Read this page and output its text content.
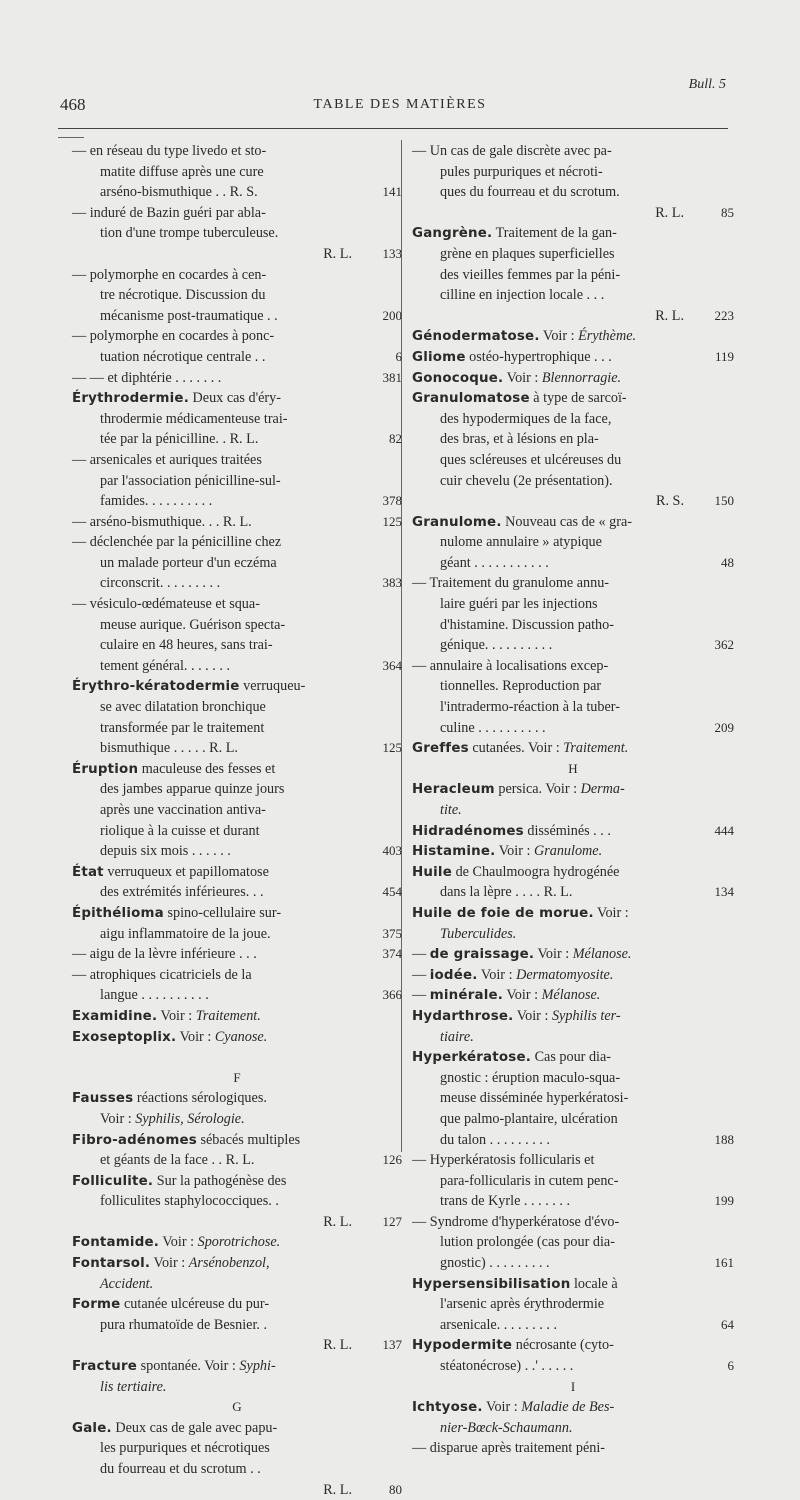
468	TABLE DES MATIÈRES
Bull. 5
— en réseau du type livedo et sto-
matite diffuse après une cure
arséno-bismuthique . . R. S.	141
— induré de Bazin guéri par abla-
tion d'une trompe tuberculeuse.
R. L. 133
— polymorphe en cocardes à cen-
tre nécrotique. Discussion du
mécanisme post-traumatique . .	200
— polymorphe en cocardes à ponc-
tuation nécrotique centrale . .	6
— — et diphtérie . . . . . . .	381
Érythrodermie. Deux cas d'éry-
throdermie médicamenteuse trai-
tée par la pénicilline. . R. L.	82
— arsenicales et auriques traitées
par l'association pénicilline-sul-
famides. . . . . . . . . .	378
— arséno-bismuthique. . . R. L.	125
— déclenchée par la pénicilline chez
un malade porteur d'un eczéma
circonscrit. . . . . . . . .	383
— vésiculo-œdémateuse et squa-
meuse aurique. Guérison specta-
culaire en 48 heures, sans trai-
tement général. . . . . . .	364
Érythro-kératodermie verruqueu-
se avec dilatation bronchique
transformée par le traitement
bismuthique . . . . . R. L.	125
Éruption maculeuse des fesses et
des jambes apparue quinze jours
après une vaccination antiva-
riolique à la cuisse et durant
depuis six mois . . . . . .	403
État verruqueux et papillomatose
des extrémités inférieures. . .	454
Épithélioma spino-cellulaire sur-
aigu inflammatoire de la joue.	375
— aigu de la lèvre inférieure . . .	374
— atrophiques cicatriciels de la
langue . . . . . . . . . .	366
Examidine. Voir : Traitement.
Exoseptoplix. Voir : Cyanose.
F
Fausses réactions sérologiques.
Voir : Syphilis, Sérologie.
Fibro-adénomes sébacés multiples
et géants de la face . . R. L.	126
Folliculite. Sur la pathogénèse des
folliculites staphylococciques. .
R. L. 127
Fontamide. Voir : Sporotrichose.
Fontarsol. Voir : Arsénobenzol,
Accident.
Forme cutanée ulcéreuse du pur-
pura rhumatoïde de Besnier. .
R. L. 137
Fracture spontanée. Voir : Syphi-
lis tertiaire.
G
Gale. Deux cas de gale avec papu-
les purpuriques et nécrotiques
du fourreau et du scrotum . .
R. L.	80
— Un cas de gale discrète avec pa-
pules purpuriques et nécroti-
ques du fourreau et du scrotum.
R. L.	85
Gangrène. Traitement de la gan-
grène en plaques superficielles
des vieilles femmes par la péni-
cilline en injection locale . . .
R. L. 223
Génodermatose. Voir : Érythème.
Gliome ostéo-hypertrophique . . .	119
Gonocoque. Voir : Blennorragie.
Granulomatose à type de sarcoï-
des hypodermiques de la face,
des bras, et à lésions en pla-
ques scléreuses et ulcéreuses du
cuir chevelu (2e présentation).
R. S. 150
Granulome. Nouveau cas de « gra-
nulome annulaire » atypique
géant . . . . . . . . . . .	48
— Traitement du granulome annu-
laire guéri par les injections
d'histamine. Discussion patho-
génique. . . . . . . . . .	362
— annulaire à localisations excep-
tionnelles. Reproduction par
l'intradermo-réaction à la tuber-
culine . . . . . . . . . .	209
Greffes cutanées. Voir : Traitement.
H
Heracleum persica. Voir : Derma-
tite.
Hidradénomes disséminés . . .	444
Histamine. Voir : Granulome.
Huile de Chaulmoogra hydrogénée
dans la lèpre . . . . R. L.	134
Huile de foie de morue. Voir :
Tuberculides.
— de graissage. Voir : Mélanose.
— iodée. Voir : Dermatomyosite.
— minérale. Voir : Mélanose.
Hydarthrose. Voir : Syphilis ter-
tiaire.
Hyperkératose. Cas pour dia-
gnostic : éruption maculo-squa-
meuse disséminée hyperkératosi-
que palmo-plantaire, ulcération
du talon . . . . . . . . .	188
— Hyperkératosis follicularis et
para-follicularis in cutem penc-
trans de Kyrle . . . . . . .	199
— Syndrome d'hyperkératose d'évo-
lution prolongée (cas pour dia-
gnostic) . . . . . . . . .	161
Hypersensibilisation locale à
l'arsenic après érythrodermie
arsenicale. . . . . . . . .	64
Hypodermite nécrosante (cyto-
stéatonécrose) . .' . . . . .	6
I
Ichtyose. Voir : Maladie de Bes-
nier-Bœck-Schaumann.
— disparue après traitement péni-
